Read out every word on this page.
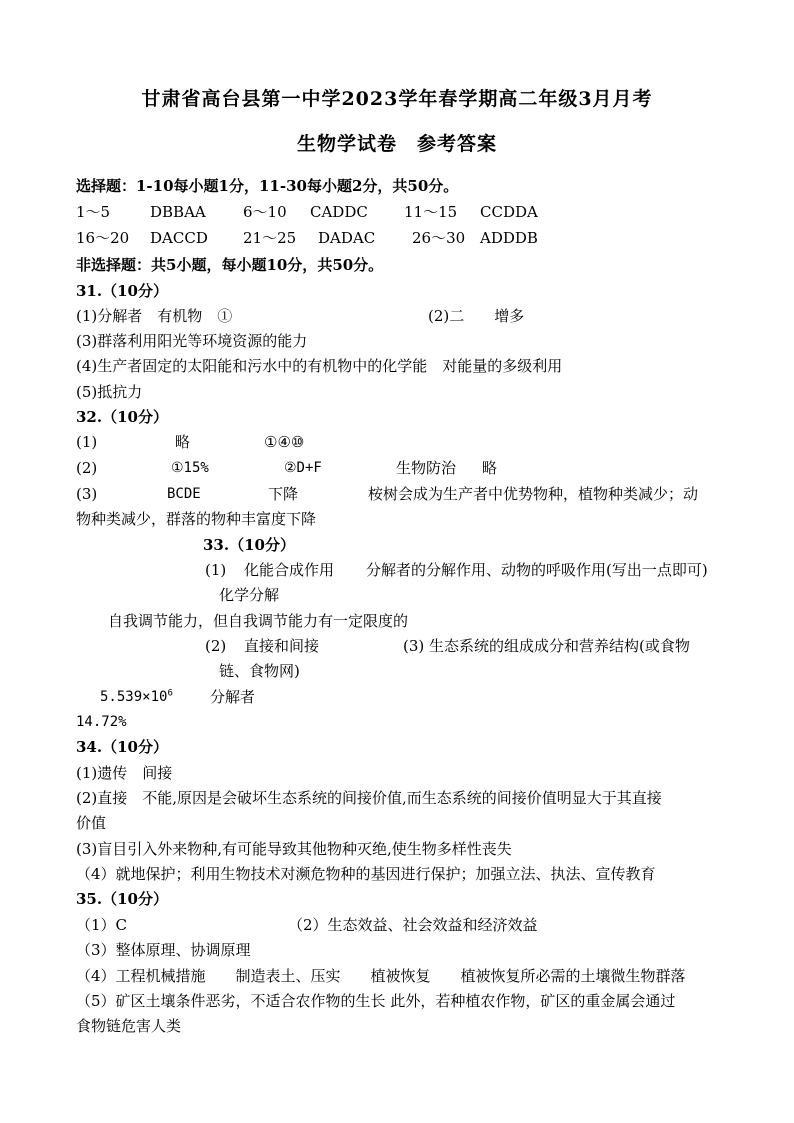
甘肃省高台县第一中学2023学年春学期高二年级3月月考
生物学试卷　参考答案
选择题：1-10每小题1分，11-30每小题2分，共50分。
1～5	DBBAA 6～10 CADDC 11～15 CCDDA
16～20 DACCD 21～25 DADAC 26～30 ADDDB
非选择题：共5小题，每小题10分，共50分。
31.（10分）
(1)分解者　有机物　①	(2)二　　增多
(3)群落利用阳光等环境资源的能力
(4)生产者固定的太阳能和污水中的有机物中的化学能　对能量的多级利用
(5)抵抗力
32.（10分）
(1)	略	①④⑩
(2)	①15%	②D+F	生物防治 略
(3)	BCDE	下降	桉树会成为生产者中优势物种，植物种类减少；动
物种类减少，群落的物种丰富度下降
33.（10分）
(1) 化能合成作用 分解者的分解作用、动物的呼吸作用(写出一点即可)
化学分解
自我调节能力，但自我调节能力有一定限度的
(2) 直接和间接	(3) 生态系统的组成成分和营养结构(或食物
链、食物网)
$5.539\times 10^6$ 分解者
14.72%
34.（10分）
(1)遗传　间接
(2)直接　不能,原因是会破坏生态系统的间接价值,而生态系统的间接价值明显大于其直接
价值
(3)盲目引入外来物种,有可能导致其他物种灭绝,使生物多样性丧失
（4）就地保护；利用生物技术对濒危物种的基因进行保护；加强立法、执法、宣传教育
35.（10分）
（1）C	（2）生态效益、社会效益和经济效益
（3）整体原理、协调原理
（4）工程机械措施　　制造表土、压实　　植被恢复　　植被恢复所必需的土壤微生物群落
（5）矿区土壤条件恶劣，不适合农作物的生长 此外，若种植农作物，矿区的重金属会通过
食物链危害人类
